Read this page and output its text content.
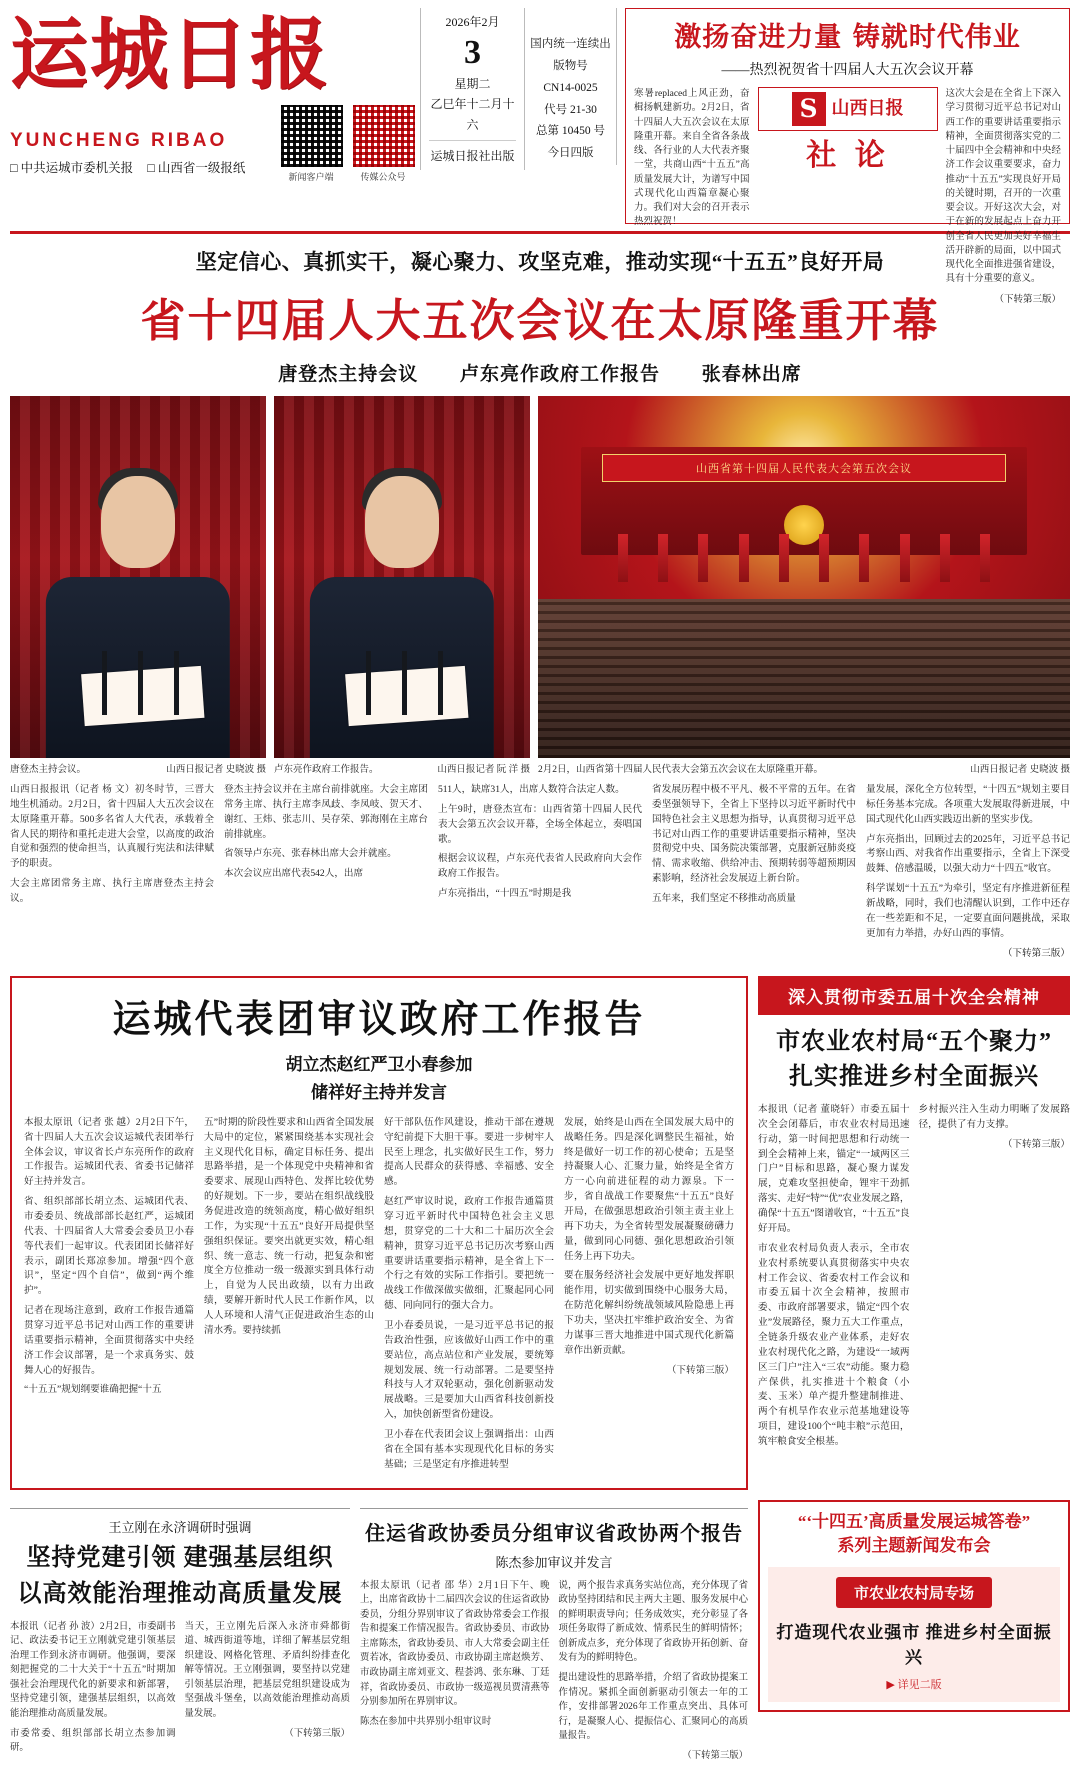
运城日报
YUNCHENG RIBAO
□ 中共运城市委机关报 □ 山西省一级报纸
新闻客户端	传媒公众号
2026年2月
3
星期二
乙巳年十二月十六
运城日报社出版
国内统一连续出版物号
CN14-0025
代号 21-30
总第 10450 号
今日四版
激扬奋进力量 铸就时代伟业
——热烈祝贺省十四届人大五次会议开幕
寒暑replaced上风正劲，奋楫扬帆建新功。2月2日，省十四届人大五次会议在太原隆重开幕。来自全省各条战线、各行业的人大代表齐聚一堂，共商山西“十五五”高质量发展大计，为谱写中国式现代化山西篇章凝心聚力。我们对大会的召开表示热烈祝贺！
S 山西日报
社 论
这次大会是在全省上下深入学习贯彻习近平总书记对山西工作的重要讲话重要指示精神，全面贯彻落实党的二十届四中全会精神和中央经济工作会议重要要求，奋力推动“十五五”实现良好开局的关键时期，召开的一次重要会议。开好这次大会，对于在新的发展起点上奋力开创全省人民更加美好幸福生活开辟新的局面，以中国式现代化全面推进强省建设，具有十分重要的意义。
（下转第三版）
坚定信心、真抓实干，凝心聚力、攻坚克难，推动实现“十五五”良好开局
省十四届人大五次会议在太原隆重开幕
唐登杰主持会议 卢东亮作政府工作报告 张春林出席
山西省第十四届人民代表大会第五次会议
唐登杰主持会议。	山西日报记者 史晓波 摄 卢东亮作政府工作报告。	山西日报记者 阮 洋 摄 2月2日，山西省第十四届人民代表大会第五次会议在太原隆重开幕。	山西日报记者 史晓波 摄

山西日报报讯（记者 杨 文）初冬时节，三晋大地生机涌动。2月2日，省十四届人大五次会议在太原隆重开幕。500多名省人大代表，承载着全省人民的期待和重托走进大会堂，以高度的政治自觉和强烈的使命担当，认真履行宪法和法律赋予的职责。

大会主席团常务主席、执行主席唐登杰主持会议。

登杰主持会议并在主席台前排就座。大会主席团常务主席、执行主席李凤歧、李凤岐、贺天才、谢红、王炜、张志川、吴存荣、郭海刚在主席台前排就座。

省领导卢东亮、张春林出席大会并就座。

本次会议应出席代表542人，出席

511人，缺席31人，出席人数符合法定人数。

上午9时，唐登杰宣布：山西省第十四届人民代表大会第五次会议开幕，全场全体起立，奏唱国歌。

根据会议议程，卢东亮代表省人民政府向大会作政府工作报告。

卢东亮指出，“十四五”时期是我

省发展历程中极不平凡、极不平常的五年。在省委坚强领导下，全省上下坚持以习近平新时代中国特色社会主义思想为指导，认真贯彻习近平总书记对山西工作的重要讲话重要指示精神，坚决贯彻党中央、国务院决策部署，克服新冠肺炎疫情、需求收缩、供给冲击、预期转弱等超预期因素影响，经济社会发展迈上新台阶。

五年来，我们坚定不移推动高质量

量发展，深化全方位转型，“十四五”规划主要目标任务基本完成。各项重大发展取得新进展，中国式现代化山西实践迈出新的坚实步伐。

卢东亮指出，回顾过去的2025年，习近平总书记考察山西、对我省作出重要指示，全省上下深受鼓舞、倍感温暖，以强大动力“十四五”收官。

科学谋划“十五五”为牵引，坚定有序推进新征程新战略，同时，我们也清醒认识到，工作中还存在一些差距和不足，一定要直面问题挑战，采取更加有力举措，办好山西的事情。

（下转第三版）

运城代表团审议政府工作报告
胡立杰赵红严卫小春参加
储祥好主持并发言

本报太原讯（记者 张 越）2月2日下午，省十四届人大五次会议运城代表团举行全体会议，审议省长卢东亮所作的政府工作报告。运城团代表、省委书记储祥好主持并发言。

省、组织部部长胡立杰、运城团代表、市委委员、统战部部长赵红严，运城团代表、十四届省人大常委会委员卫小春等代表们一起审议。代表团团长储祥好表示，副团长郑凉参加。增强“四个意识”，坚定“四个自信”，做到“两个维护”。

记者在现场注意到，政府工作报告通篇贯穿习近平总书记对山西工作的重要讲话重要指示精神，全面贯彻落实中央经济工作会议部署，是一个求真务实、鼓舞人心的好报告。

“十五五”规划纲要谁确把握“十五

五”时期的阶段性要求和山西省全国发展大局中的定位，紧紧围绕基本实现社会主义现代化目标，确定目标任务、提出思路举措，是一个体现党中央精神和省委要求、展现山西特色、发挥比较优势的好规划。下一步，要站在组织战线股务促进改造的统领高度，精心做好组织工作，为实现“十五五”良好开局提供坚强组织保证。要突出就更实效，精心组织、统一意志、统一行动，把复杂和密度全方位推动一级一级源实到具体行动上，自觉为人民出政绩，以有力出政绩，要解开新时代人民工作新作风，以人人环境和人清气正促进政治生态的山清水秀。要持续抓

好干部队伍作风建设，推动干部在遵规守纪前提下大胆干事。要进一步树牢人民至上理念，扎实做好民生工作，努力提高人民群众的获得感、幸福感、安全感。

赵红严审议时说，政府工作报告通篇贯穿习近平新时代中国特色社会主义思想，贯穿党的二十大和二十届历次全会精神，贯穿习近平总书记历次考察山西重要讲话重要指示精神，是全省上下一个行之有效的实际工作指引。要把统一战线工作做深做实做细，汇聚起同心同德、同向同行的强大合力。

卫小春委员说，一是习近平总书记的报告政治性强，应该做好山西工作中的重要站位，高点站位和产业发展，要统筹规划发展、统一行动部署。二是要坚持科技与人才双轮驱动，强化创新驱动发展战略。三是要加大山西省科技创新投入，加快创新型省份建设。

卫小春在代表团会议上强调指出：山西省在全国有基本实现现代化目标的务实基础；三是坚定有序推进转型

发展，始终是山西在全国发展大局中的战略任务。四是深化调整民生福祉，始终是做好一切工作的初心使命；五是坚持凝聚人心、汇聚力量，始终是全省方方一心向前进征程的动力源泉。下一步，省自战战工作要聚焦“十五五”良好开局，在做强思想政治引领主责主业上再下功夫，为全省转型发展凝聚磅礴力量，做到同心同德、强化思想政治引领任务上再下功夫。

要在服务经济社会发展中更好地发挥职能作用，切实做到围绕中心服务大局，在防范化解纠纷统战领域风险隐患上再下功夫，坚决扛牢维护政治安全、为省力谋事三晋大地推进中国式现代化新篇章作出新贡献。

（下转第三版）

深入贯彻市委五届十次全会精神
市农业农村局“五个聚力”
扎实推进乡村全面振兴

本报讯（记者 董晓轩）市委五届十次全会闭幕后，市农业农村局迅速行动，第一时间把思想和行动统一到全会精神上来，锚定“一域两区三门户”目标和思路，凝心聚力谋发展，克难攻坚担使命，锂牢干劲抓落实、走好“特”“优”农业发展之路，确保“十五五”图谱收官，“十五五”良好开局。

市农业农村局负责人表示，全市农业农村系统要认真贯彻落实中央农村工作会议、省委农村工作会议和市委五届十次全会精神，按照市委、市政府部署要求，锚定“四个农业”发展路径，聚力五大工作重点，全链条升级农业产业体系，走好农业农村现代化之路，为建设“一域两区三门户”注入“三农”动能。聚力稳产保供，扎实推进十个粮食（小麦、玉米）单产提升整建制推进、两个有机旱作农业示范基地建设等项目，建设100个“吨丰粮”示范田，筑牢粮食安全根基。

乡村振兴注入生动力明晰了发展路径，提供了有力支撑。

（下转第三版）

王立刚在永济调研时强调
坚持党建引领 建强基层组织
以高效能治理推动高质量发展

本报讯（记者 孙 波）2月2日，市委副书记、政法委书记王立刚就党建引领基层治理工作到永济市调研。他强调，要深刻把握党的二十大关于“十五五”时期加强社会治理现代化的新要求和新部署，坚持党建引领，建强基层组织，以高效能治理推动高质量发展。

市委常委、组织部部长胡立杰参加调研。

当天，王立刚先后深入永济市舜都街道、城西街道等地，详细了解基层党组织建设、网格化管理、矛盾纠纷排查化解等情况。王立刚强调，要坚持以党建引领基层治理，把基层党组织建设成为坚强战斗堡垒，以高效能治理推动高质量发展。

（下转第三版）

住运省政协委员分组审议省政协两个报告
陈杰参加审议并发言

本报太原讯（记者 邵 华）2月1日下午、晚上，出席省政协十二届四次会议的住运省政协委员，分组分界别审议了省政协常委会工作报告和提案工作情况报告。省政协委员、市政协主席陈杰，省政协委员、市人大常委会副主任贾若冰，省政协委员、市政协副主席赵焕芳、市政协副主席刘亚文、程荟鸿、张东琳、丁廷祥，省政协委员、市政协一级巡视员贾清燕等分别参加所在界别审议。

陈杰在参加中共界别小组审议时

说，两个报告求真务实站位高，充分体现了省政协坚持团结和民主两大主题、服务发展中心的鲜明职责导向；任务成效实，充分彰显了各项任务取得了新成效、情系民生的鲜明情怀；创新成点多，充分体现了省政协开拓创新、奋发有为的鲜明特色。

提出建设性的思路举措，介绍了省政协提案工作情况。紧抓全面创新驱动引领去一年的工作，安排部署2026年工作重点突出、具体可行，是凝聚人心、提振信心、汇聚同心的高质量报告。

（下转第三版）

“‘十四五’高质量发展运城答卷”
系列主题新闻发布会
市农业农村局专场
打造现代农业强市 推进乡村全面振兴
▶ 详见二版
